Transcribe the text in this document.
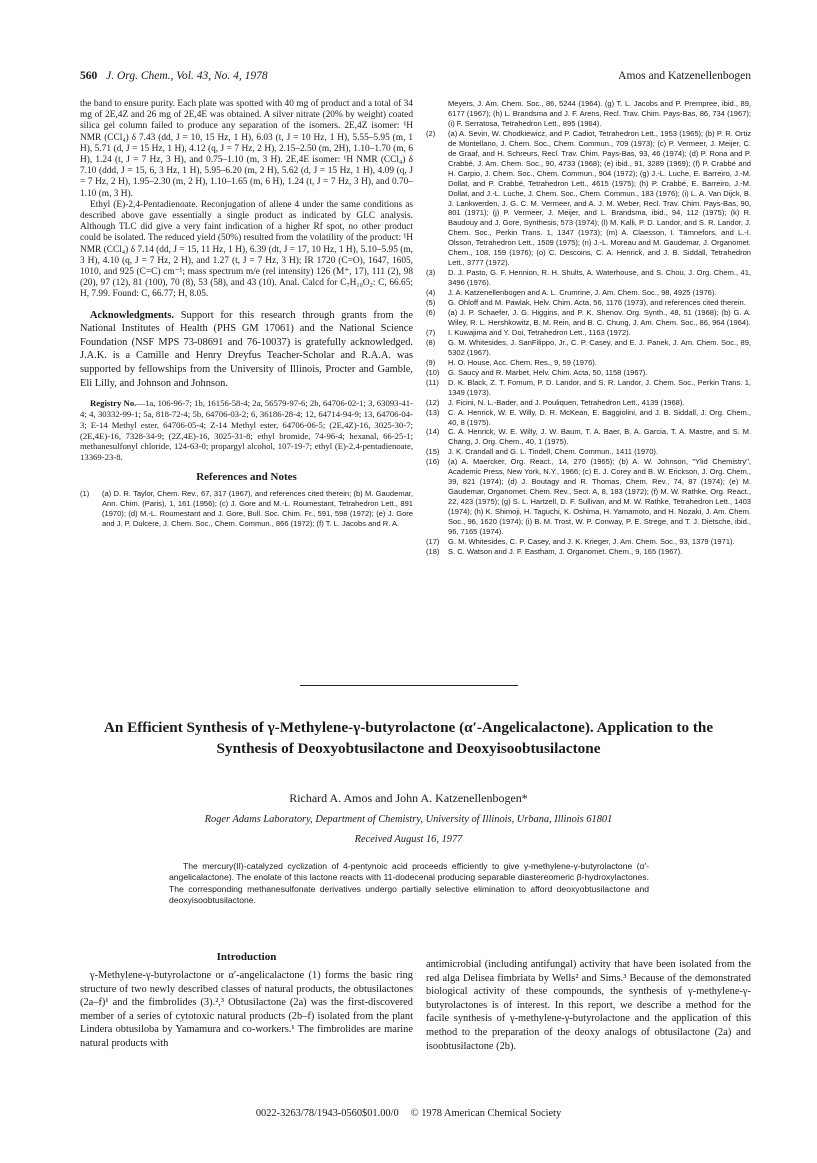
560 J. Org. Chem., Vol. 43, No. 4, 1978	Amos and Katzenellenbogen

the band to ensure purity. Each plate was spotted with 40 mg of product and a total of 34 mg of 2E,4Z and 26 mg of 2E,4E was obtained. A silver nitrate (20% by weight) coated silica gel column failed to produce any separation of the isomers. 2E,4Z isomer: ¹H NMR (CCl₄) δ 7.43 (dd, J = 10, 15 Hz, 1 H), 6.03 (t, J = 10 Hz, 1 H), 5.55–5.95 (m, 1 H), 5.71 (d, J = 15 Hz, 1 H), 4.12 (q, J = 7 Hz, 2 H), 2.15–2.50 (m, 2H), 1.10–1.70 (m, 6 H), 1.24 (t, J = 7 Hz, 3 H), and 0.75–1.10 (m, 3 H). 2E,4E isomer: ¹H NMR (CCl₄) δ 7.10 (ddd, J = 15, 6, 3 Hz, 1 H), 5.95–6.20 (m, 2 H), 5.62 (d, J = 15 Hz, 1 H), 4.09 (q, J = 7 Hz, 2 H), 1.95–2.30 (m, 2 H), 1.10–1.65 (m, 6 H), 1.24 (t, J = 7 Hz, 3 H), and 0.70–1.10 (m, 3 H).

Ethyl (E)-2,4-Pentadienoate. Reconjugation of allene 4 under the same conditions as described above gave essentially a single product as indicated by GLC analysis. Although TLC did give a very faint indication of a higher Rf spot, no other product could be isolated. The reduced yield (50%) resulted from the volatility of the product: ¹H NMR (CCl₄) δ 7.14 (dd, J = 15, 11 Hz, 1 H), 6.39 (dt, J = 17, 10 Hz, 1 H), 5.10–5.95 (m, 3 H), 4.10 (q, J = 7 Hz, 2 H), and 1.27 (t, J = 7 Hz, 3 H); IR 1720 (C=O), 1647, 1605, 1010, and 925 (C=C) cm⁻¹; mass spectrum m/e (rel intensity) 126 (M⁺, 17), 111 (2), 98 (20), 97 (12), 81 (100), 70 (8), 53 (58), and 43 (10). Anal. Calcd for C₇H₁₀O₂: C, 66.65; H, 7.99. Found: C, 66.77; H, 8.05.

Acknowledgments. Support for this research through grants from the National Institutes of Health (PHS GM 17061) and the National Science Foundation (NSF MPS 73-08691 and 76-10037) is gratefully acknowledged. J.A.K. is a Camille and Henry Dreyfus Teacher-Scholar and R.A.A. was supported by fellowships from the University of Illinois, Procter and Gamble, Eli Lilly, and Johnson and Johnson.

Registry No.—1a, 106-96-7; 1b, 16156-58-4; 2a, 56579-97-6; 2b, 64706-02-1; 3, 63093-41-4; 4, 30332-99-1; 5a, 818-72-4; 5b, 64706-03-2; 6, 36186-28-4; 12, 64714-94-9; 13, 64706-04-3; E-14 Methyl ester, 64706-05-4; Z-14 Methyl ester, 64706-06-5; (2E,4Z)-16, 3025-30-7; (2E,4E)-16, 7328-34-9; (2Z,4E)-16, 3025-31-8; ethyl bromide, 74-96-4; hexanal, 66-25-1; methanesulfonyl chloride, 124-63-0; propargyl alcohol, 107-19-7; ethyl (E)-2,4-pentadienoate, 13369-23-8.

References and Notes
(1)	(a) D. R. Taylor, Chem. Rev., 67, 317 (1967), and references cited therein; (b) M. Gaudemar, Ann. Chim. (Paris), 1, 161 (1956); (c) J. Gore and M.-L. Roumestant, Tetrahedron Lett., 891 (1970); (d) M.-L. Roumestant and J. Gore, Bull. Soc. Chim. Fr., 591, 598 (1972); (e) J. Gore and J. P. Dulcere, J. Chem. Soc., Chem. Commun., 866 (1972); (f) T. L. Jacobs and R. A.
Meyers, J. Am. Chem. Soc., 86, 5244 (1964). (g) T. L. Jacobs and P. Prempree, ibid., 89, 6177 (1967); (h) L. Brandsma and J. F. Arens, Recl. Trav. Chim. Pays-Bas, 86, 734 (1967); (i) F. Serratosa, Tetrahedron Lett., 895 (1964).
(2)	(a) A. Sevin, W. Chodkiewicz, and P. Cadiot, Tetrahedron Lett., 1953 (1965); (b) P. R. Ortiz de Montellano, J. Chem. Soc., Chem. Commun., 709 (1973); (c) P. Vermeer, J. Meijer, C. de Graaf, and H. Schreurs, Recl. Trav. Chim. Pays-Bas, 93, 46 (1974); (d) P. Rona and P. Crabbé, J. Am. Chem. Soc., 90, 4733 (1968); (e) ibid., 91, 3289 (1969); (f) P. Crabbé and H. Carpio, J. Chem. Soc., Chem. Commun., 904 (1972); (g) J.-L. Luche, E. Barreiro, J.-M. Dollat, and P. Crabbé, Tetrahedron Lett., 4615 (1975); (h) P. Crabbé, E. Barreiro, J.-M. Dollat, and J.-L. Luche, J. Chem. Soc., Chem. Commun., 183 (1976); (i) L. A. Van Dijck, B. J. Lankwerden, J. G. C. M. Vermeer, and A. J. M. Weber, Recl. Trav. Chim. Pays-Bas, 90, 801 (1971); (j) P. Vermeer, J. Meijer, and L. Brandsma, ibid., 94, 112 (1975); (k) R. Baudouy and J. Gore, Synthesis, 573 (1974); (l) M. Kalli, P. D. Landor, and S. R. Landor, J. Chem. Soc., Perkin Trans. 1, 1347 (1973); (m) A. Claesson, I. Tämnefors, and L.-I. Olsson, Tetrahedron Lett., 1509 (1975); (n) J.-L. Moreau and M. Gaudemar, J. Organomet. Chem., 108, 159 (1976); (o) C. Descoins, C. A. Henrick, and J. B. Siddall, Tetrahedron Lett., 3777 (1972).
(3)	D. J. Pasto, G. F. Hennion, R. H. Shults, A. Waterhouse, and S. Chou, J. Org. Chem., 41, 3496 (1976).
(4)	J. A. Katzenellenbogen and A. L. Crumrine, J. Am. Chem. Soc., 98, 4925 (1976).
(5)	G. Ohloff and M. Pawlak, Helv. Chim. Acta, 56, 1176 (1973), and references cited therein.
(6)	(a) J. P. Schaefer, J. G. Higgins, and P. K. Shenov. Org. Synth., 48, 51 (1968); (b) G. A. Wiley, R. L. Hershkowitz, B. M. Rein, and B. C. Chung, J. Am. Chem. Soc., 86, 964 (1964).
(7)	I. Kuwajima and Y. Doi, Tetrahedron Lett., 1163 (1972).
(8)	G. M. Whitesides, J. SanFilippo, Jr., C. P. Casey, and E. J. Panek, J. Am. Chem. Soc., 89, 5302 (1967).
(9)	H. O. House, Acc. Chem. Res., 9, 59 (1976).
(10)	G. Saucy and R. Marbet, Helv. Chim. Acta, 50, 1158 (1967).
(11)	D. K. Black, Z. T. Fomum, P. D. Landor, and S. R. Landor, J. Chem. Soc., Perkin Trans. 1, 1349 (1973).
(12)	J. Ficini, N. L.-Bader, and J. Pouliquen, Tetrahedron Lett., 4139 (1968).
(13)	C. A. Henrick, W. E. Willy, D. R. McKean, E. Baggiolini, and J. B. Siddall, J. Org. Chem., 40, 8 (1975).
(14)	C. A. Henrick, W. E. Willy, J. W. Baum, T. A. Baer, B. A. Garcia, T. A. Mastre, and S. M. Chang, J. Org. Chem., 40, 1 (1975).
(15)	J. K. Crandall and G. L. Tindell, Chem. Commun., 1411 (1970).
(16)	(a) A. Maercker, Org. React., 14, 270 (1965); (b) A. W. Johnson, "Ylid Chemistry", Academic Press, New York, N.Y., 1966; (c) E. J. Corey and B. W. Erickson, J. Org. Chem., 39, 821 (1974); (d) J. Boutagy and R. Thomas, Chem. Rev., 74, 87 (1974); (e) M. Gaudemar, Organomet. Chem. Rev., Sect. A, 8, 183 (1972); (f) M. W. Rathke, Org. React., 22, 423 (1975); (g) S. L. Hartzell, D. F. Sullivan, and M. W. Rathke, Tetrahedron Lett., 1403 (1974); (h) K. Shimoji, H. Taguchi, K. Oshima, H. Yamamoto, and H. Nozaki, J. Am. Chem. Soc., 96, 1620 (1974); (i) B. M. Trost, W. P. Conway, P. E. Strege, and T. J. Dietsche, ibid., 96, 7165 (1974).
(17)	G. M. Whitesides, C. P. Casey, and J. K. Krieger, J. Am. Chem. Soc., 93, 1379 (1971).
(18)	S. C. Watson and J. F. Eastham, J. Organomet. Chem., 9, 165 (1967).
An Efficient Synthesis of γ-Methylene-γ-butyrolactone (α′-Angelicalactone). Application to the Synthesis of Deoxyobtusilactone and Deoxyisoobtusilactone
Richard A. Amos and John A. Katzenellenbogen*
Roger Adams Laboratory, Department of Chemistry, University of Illinois, Urbana, Illinois 61801
Received August 16, 1977

The mercury(II)-catalyzed cyclization of 4-pentynoic acid proceeds efficiently to give γ-methylene-γ-butyrolactone (α′-angelicalactone). The enolate of this lactone reacts with 11-dodecenal producing separable diastereomeric β-hydroxylactones. The corresponding methanesulfonate derivatives undergo partially selective elimination to afford deoxyobtusilactone and deoxyisoobtusilactone.

Introduction

γ-Methylene-γ-butyrolactone or α′-angelicalactone (1) forms the basic ring structure of two newly described classes of natural products, the obtusilactones (2a–f)¹ and the fimbrolides (3).²,³ Obtusilactone (2a) was the first-discovered member of a series of cytotoxic natural products (2b–f) isolated from the plant Lindera obtusiloba by Yamamura and co-workers.¹ The fimbrolides are marine natural products with

antimicrobial (including antifungal) activity that have been isolated from the red alga Delisea fimbriata by Wells² and Sims.³ Because of the demonstrated biological activity of these compounds, the synthesis of γ-methylene-γ-butyrolactones is of interest. In this report, we describe a method for the facile synthesis of γ-methylene-γ-butyrolactone and the application of this method to the preparation of the deoxy analogs of obtusilactone (2a) and isoobtusilactone (2b).

0022-3263/78/1943-0560$01.00/0 © 1978 American Chemical Society
